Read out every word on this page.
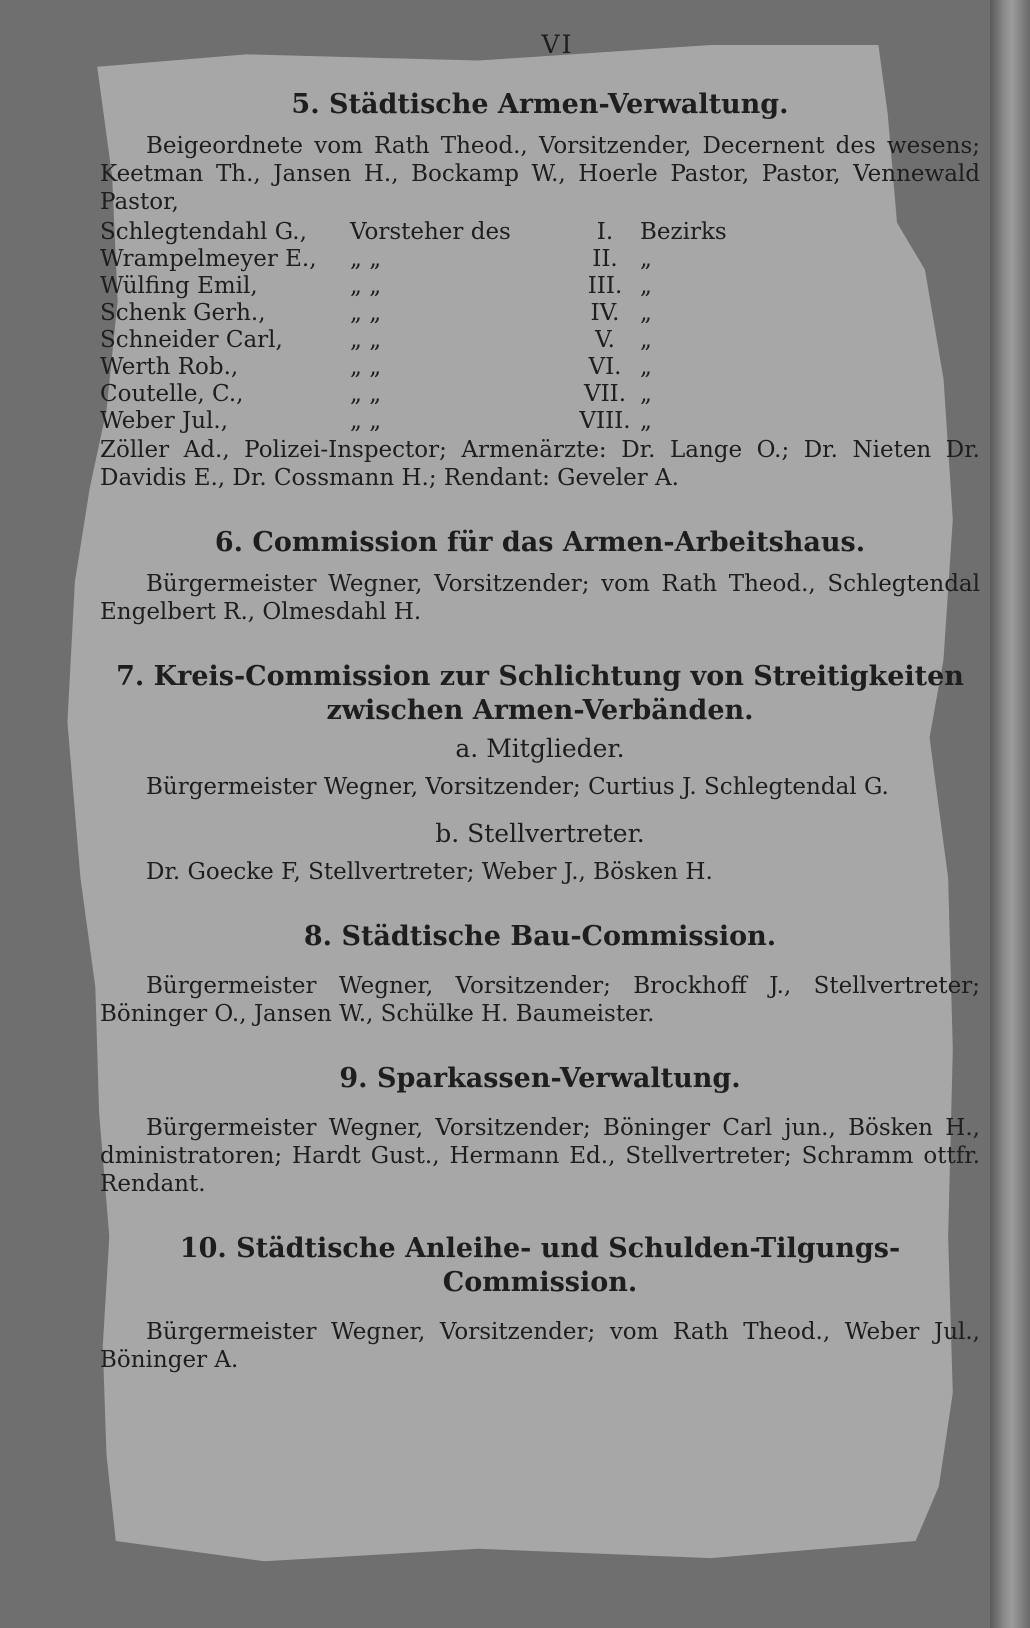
VI

5. Städtische Armen-Verwaltung.

Beigeordnete vom Rath Theod., Vorsitzender, Decernent des wesens; Keetman Th., Jansen H., Bockamp W., Hoerle Pastor, Pastor, Vennewald Pastor,

Schlegtendahl G.,	Vorsteher des	I.	Bezirks
Wrampelmeyer E.,	„ „	II.	„
Wülfing Emil,	„ „	III.	„
Schenk Gerh.,	„ „	IV.	„
Schneider Carl,	„ „	V.	„
Werth Rob.,	„ „	VI.	„
Coutelle, C.,	„ „	VII.	„
Weber Jul.,	„ „	VIII.	„

Zöller Ad., Polizei-Inspector; Armenärzte: Dr. Lange O.; Dr. Nieten Dr. Davidis E., Dr. Cossmann H.; Rendant: Geveler A.

6. Commission für das Armen-Arbeitshaus.

Bürgermeister Wegner, Vorsitzender; vom Rath Theod., Schlegtendal Engelbert R., Olmesdahl H.

7. Kreis-Commission zur Schlichtung von Streitigkeiten

zwischen Armen-Verbänden.

a. Mitglieder.

Bürgermeister Wegner, Vorsitzender; Curtius J. Schlegtendal G.

b. Stellvertreter.

Dr. Goecke F, Stellvertreter; Weber J., Bösken H.

8. Städtische Bau-Commission.

Bürgermeister Wegner, Vorsitzender; Brockhoff J., Stellvertreter; Böninger O., Jansen W., Schülke H. Baumeister.

9. Sparkassen-Verwaltung.

Bürgermeister Wegner, Vorsitzender; Böninger Carl jun., Bösken H., dministratoren; Hardt Gust., Hermann Ed., Stellvertreter; Schramm ottfr. Rendant.

10. Städtische Anleihe- und Schulden-Tilgungs-Commission.

Bürgermeister Wegner, Vorsitzender; vom Rath Theod., Weber Jul., Böninger A.
